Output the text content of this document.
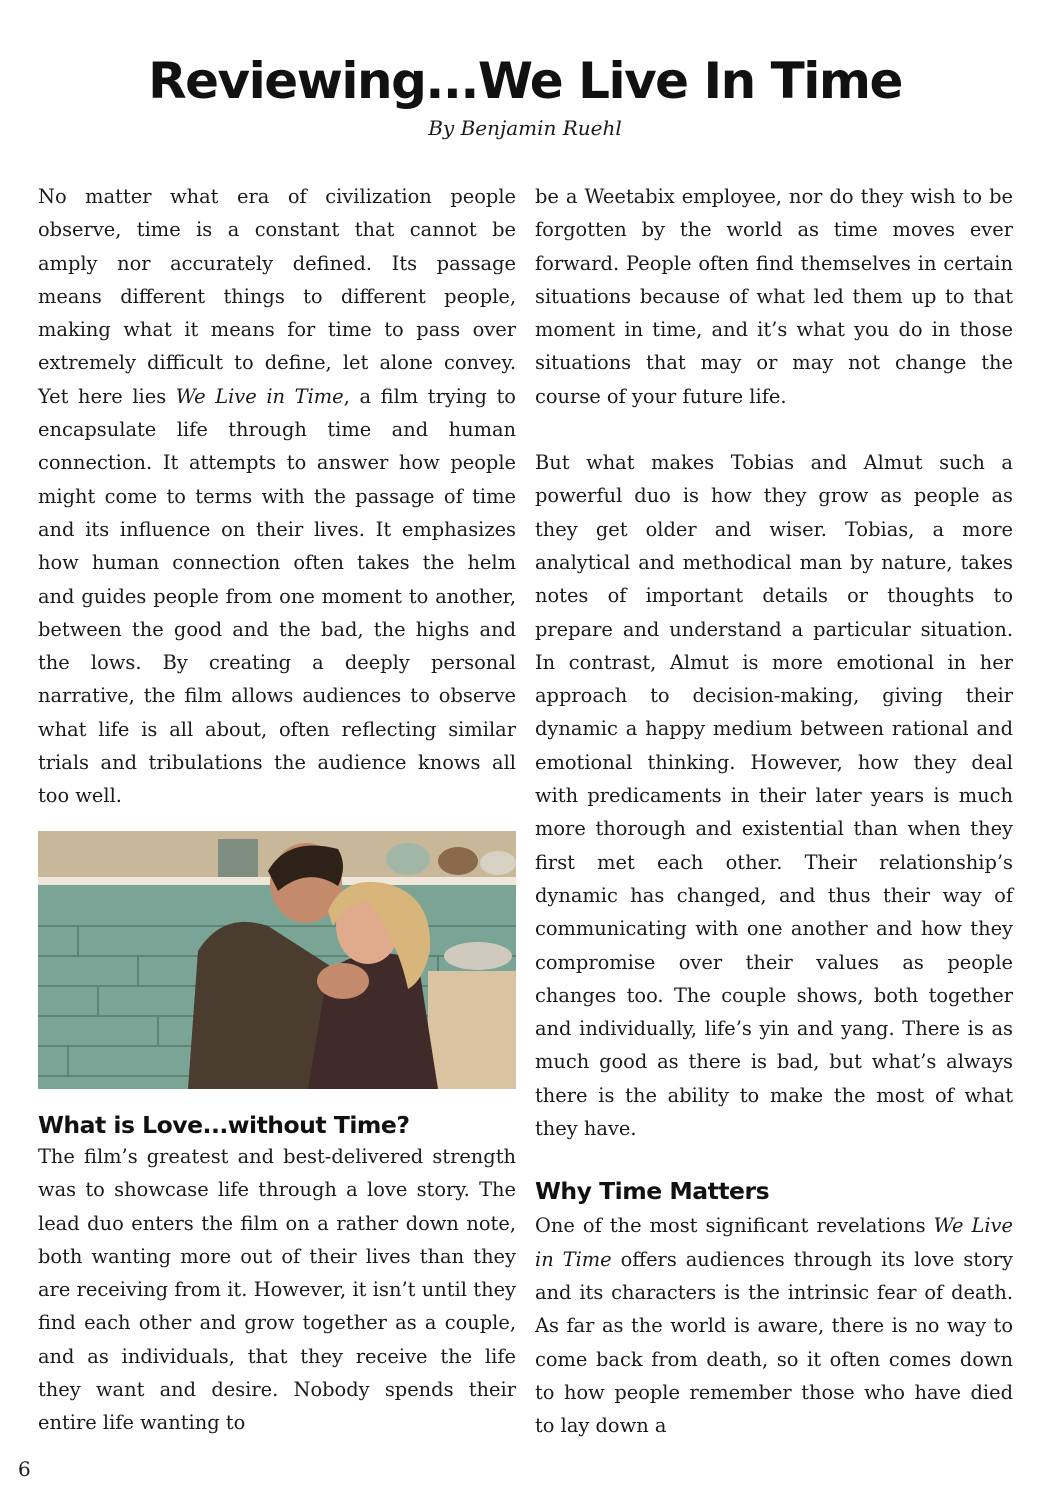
Reviewing...We Live In Time
By Benjamin Ruehl

No matter what era of civilization people observe, time is a constant that cannot be amply nor accurately defined. Its passage means different things to different people, making what it means for time to pass over extremely difficult to define, let alone convey. Yet here lies We Live in Time, a film trying to encapsulate life through time and human connection. It attempts to answer how people might come to terms with the passage of time and its influence on their lives. It emphasizes how human connection often takes the helm and guides people from one moment to another, between the good and the bad, the highs and the lows. By creating a deeply personal narrative, the film allows audiences to observe what life is all about, often reflecting similar trials and tribulations the audience knows all too well.

What is Love...without Time?

The film’s greatest and best-delivered strength was to showcase life through a love story. The lead duo enters the film on a rather down note, both wanting more out of their lives than they are receiving from it. However, it isn’t until they find each other and grow together as a couple, and as individuals, that they receive the life they want and desire. Nobody spends their entire life wanting to

be a Weetabix employee, nor do they wish to be forgotten by the world as time moves ever forward. People often find themselves in certain situations because of what led them up to that moment in time, and it’s what you do in those situations that may or may not change the course of your future life.

But what makes Tobias and Almut such a powerful duo is how they grow as people as they get older and wiser. Tobias, a more analytical and methodical man by nature, takes notes of important details or thoughts to prepare and understand a particular situation. In contrast, Almut is more emotional in her approach to decision-making, giving their dynamic a happy medium between rational and emotional thinking. However, how they deal with predicaments in their later years is much more thorough and existential than when they first met each other. Their relationship’s dynamic has changed, and thus their way of communicating with one another and how they compromise over their values as people changes too. The couple shows, both together and individually, life’s yin and yang. There is as much good as there is bad, but what’s always there is the ability to make the most of what they have.

Why Time Matters

One of the most significant revelations We Live in Time offers audiences through its love story and its characters is the intrinsic fear of death. As far as the world is aware, there is no way to come back from death, so it often comes down to how people remember those who have died to lay down a

6
